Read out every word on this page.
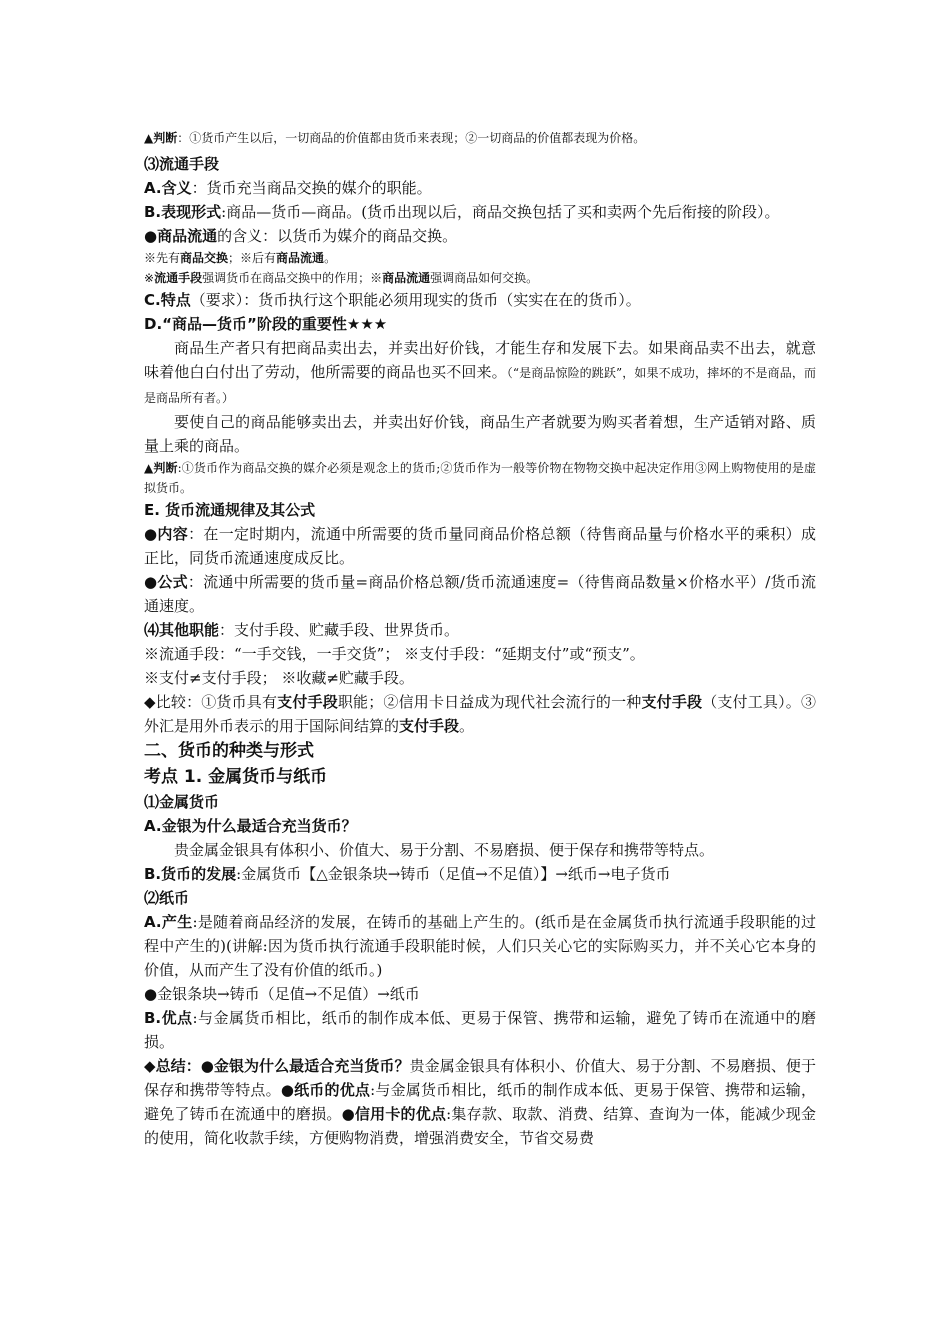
▲判断：①货币产生以后，一切商品的价值都由货币来表现；②一切商品的价值都表现为价格。

⑶流通手段

A.含义：货币充当商品交换的媒介的职能。

B.表现形式:商品—货币—商品。(货币出现以后，商品交换包括了买和卖两个先后衔接的阶段）。

●商品流通的含义：以货币为媒介的商品交换。

※先有商品交换；※后有商品流通。

※流通手段强调货币在商品交换中的作用；※商品流通强调商品如何交换。

C.特点（要求）：货币执行这个职能必须用现实的货币（实实在在的货币）。

D.“商品—货币”阶段的重要性★★★

商品生产者只有把商品卖出去，并卖出好价钱，才能生存和发展下去。如果商品卖不出去，就意味着他白白付出了劳动，他所需要的商品也买不回来。（“是商品惊险的跳跃”，如果不成功，摔坏的不是商品，而是商品所有者。）

要使自己的商品能够卖出去，并卖出好价钱，商品生产者就要为购买者着想，生产适销对路、质量上乘的商品。

▲判断:①货币作为商品交换的媒介必须是观念上的货币;②货币作为一般等价物在物物交换中起决定作用③网上购物使用的是虚拟货币。

E. 货币流通规律及其公式

●内容：在一定时期内，流通中所需要的货币量同商品价格总额（待售商品量与价格水平的乘积）成正比，同货币流通速度成反比。

●公式：流通中所需要的货币量=商品价格总额/货币流通速度=（待售商品数量×价格水平）/货币流通速度。

⑷其他职能：支付手段、贮藏手段、世界货币。

※流通手段：“一手交钱，一手交货”； ※支付手段：“延期支付”或“预支”。

※支付≠支付手段； ※收藏≠贮藏手段。

◆比较：①货币具有支付手段职能；②信用卡日益成为现代社会流行的一种支付手段（支付工具）。③外汇是用外币表示的用于国际间结算的支付手段。

二、货币的种类与形式

考点 1. 金属货币与纸币

⑴金属货币

A.金银为什么最适合充当货币？

贵金属金银具有体积小、价值大、易于分割、不易磨损、便于保存和携带等特点。

B.货币的发展:金属货币【△金银条块→铸币（足值→不足值）】→纸币→电子货币

⑵纸币

A.产生:是随着商品经济的发展，在铸币的基础上产生的。(纸币是在金属货币执行流通手段职能的过程中产生的)(讲解:因为货币执行流通手段职能时候，人们只关心它的实际购买力，并不关心它本身的价值，从而产生了没有价值的纸币。)

●金银条块→铸币（足值→不足值）→纸币

B.优点:与金属货币相比，纸币的制作成本低、更易于保管、携带和运输，避免了铸币在流通中的磨损。

◆总结：●金银为什么最适合充当货币？贵金属金银具有体积小、价值大、易于分割、不易磨损、便于保存和携带等特点。●纸币的优点:与金属货币相比，纸币的制作成本低、更易于保管、携带和运输，避免了铸币在流通中的磨损。●信用卡的优点:集存款、取款、消费、结算、查询为一体，能减少现金的使用，简化收款手续，方便购物消费，增强消费安全，节省交易费
